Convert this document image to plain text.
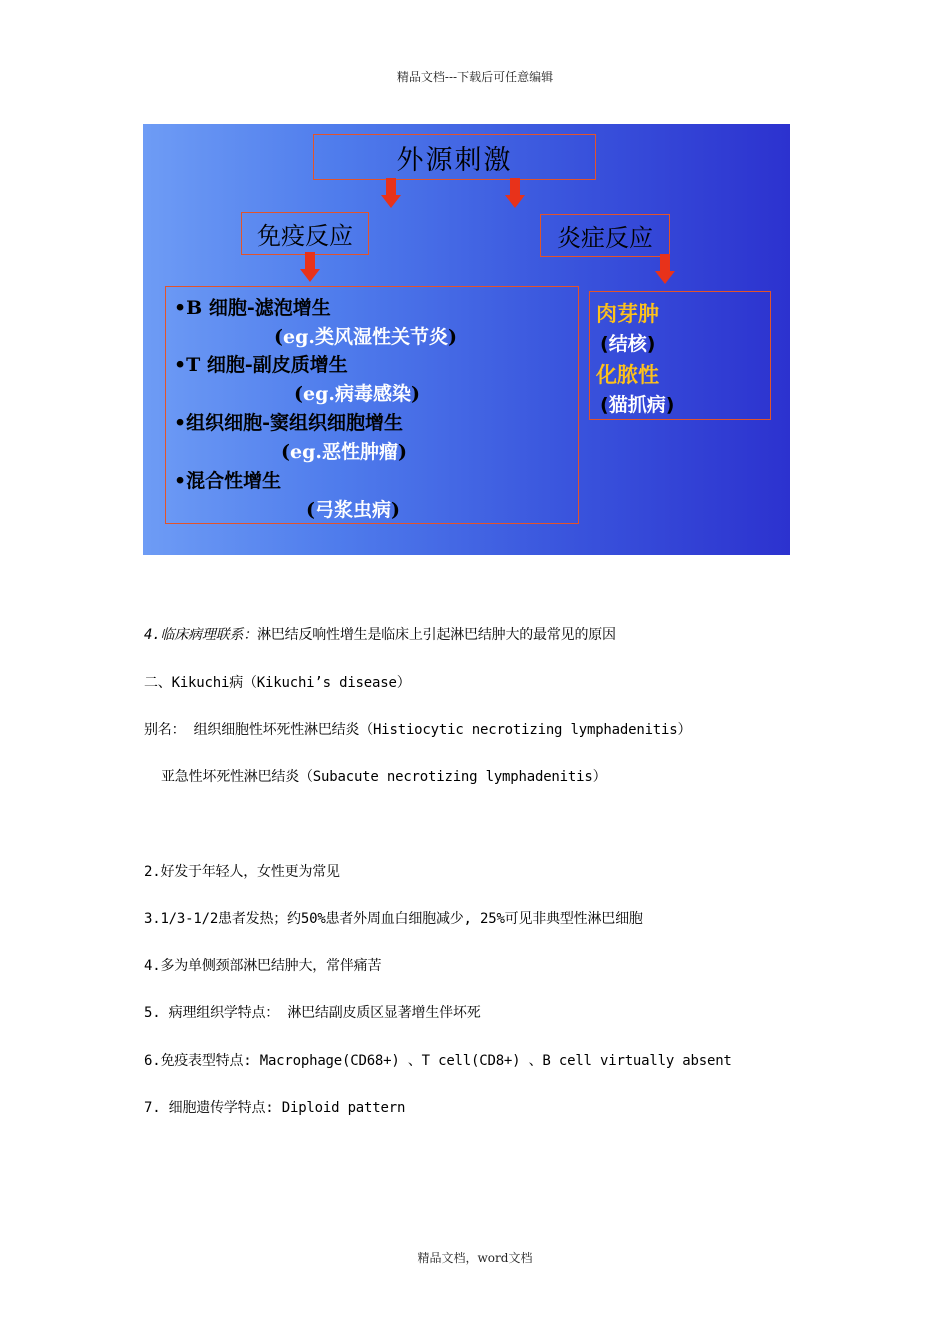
精品文档---下载后可任意编辑
外源刺激
免疫反应	炎症反应
•B 细胞-滤泡增生
(eg.类风湿性关节炎)
•T 细胞-副皮质增生
(eg.病毒感染)
•组织细胞-窦组织细胞增生
(eg.恶性肿瘤)
•混合性增生
(弓浆虫病)
肉芽肿
(结核)
化脓性
(猫抓病)
4.临床病理联系：淋巴结反响性增生是临床上引起淋巴结肿大的最常见的原因
二、Kikuchi病（Kikuchi’s disease）
别名： 组织细胞性坏死性淋巴结炎（Histiocytic necrotizing lymphadenitis）
亚急性坏死性淋巴结炎（Subacute necrotizing lymphadenitis）
2.好发于年轻人，女性更为常见
3.1/3-1/2患者发热；约50%患者外周血白细胞减少, 25%可见非典型性淋巴细胞
4.多为单侧颈部淋巴结肿大，常伴痛苦
5. 病理组织学特点： 淋巴结副皮质区显著增生伴坏死
6.免疫表型特点: Macrophage(CD68+) 、T cell(CD8+) 、B cell virtually absent
7. 细胞遗传学特点: Diploid pattern
精品文档，word文档
